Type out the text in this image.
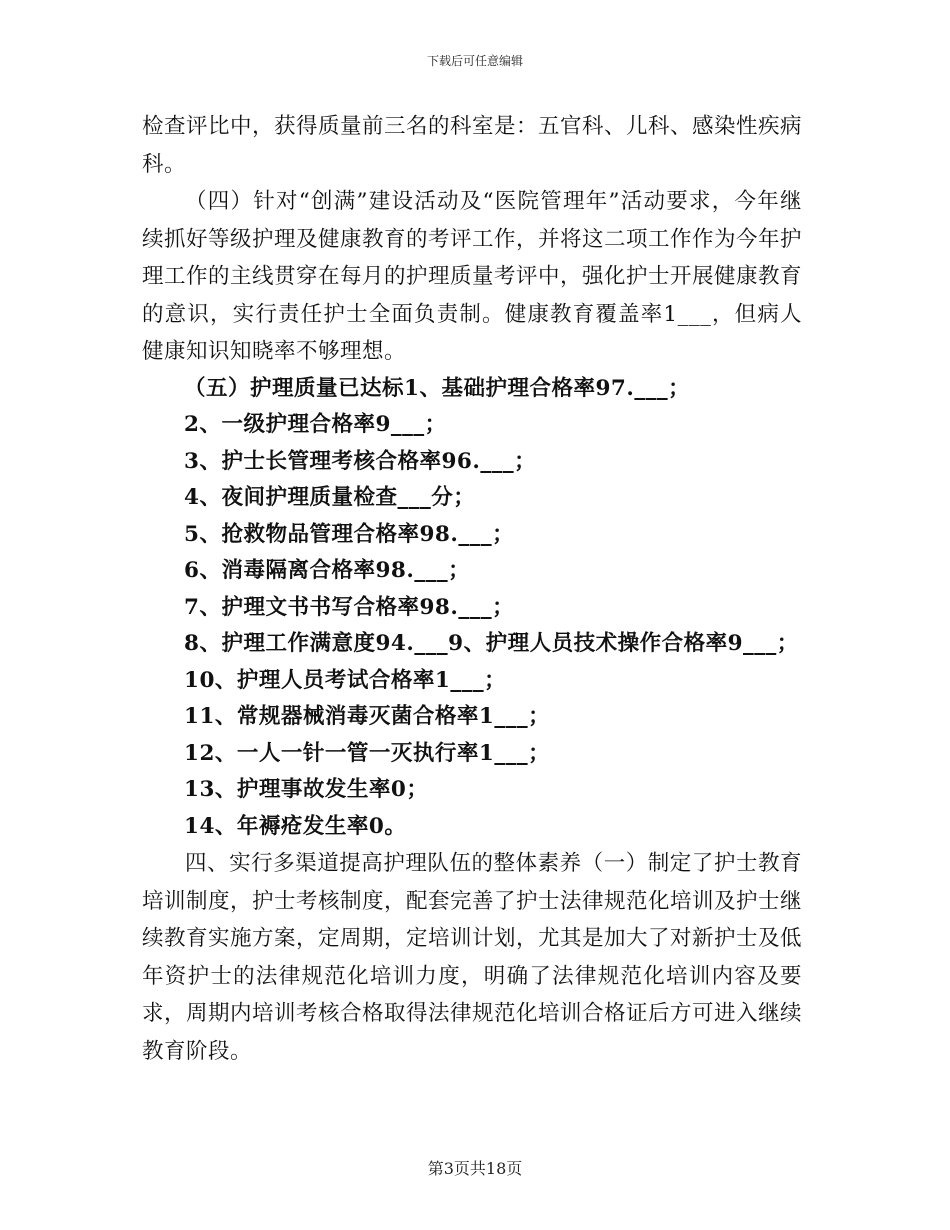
下载后可任意编辑

检查评比中，获得质量前三名的科室是：五官科、儿科、感染性疾病科。

（四）针对“创满”建设活动及“医院管理年”活动要求，今年继续抓好等级护理及健康教育的考评工作，并将这二项工作作为今年护理工作的主线贯穿在每月的护理质量考评中，强化护士开展健康教育的意识，实行责任护士全面负责制。健康教育覆盖率1___，但病人健康知识知晓率不够理想。

（五）护理质量已达标1、基础护理合格率97.___；
2、一级护理合格率9___；
3、护士长管理考核合格率96.___；
4、夜间护理质量检查___分；
5、抢救物品管理合格率98.___；
6、消毒隔离合格率98.___；
7、护理文书书写合格率98.___；
8、护理工作满意度94.___9、护理人员技术操作合格率9___；
10、护理人员考试合格率1___；
11、常规器械消毒灭菌合格率1___；
12、一人一针一管一灭执行率1___；
13、护理事故发生率0；
14、年褥疮发生率0。

四、实行多渠道提高护理队伍的整体素养（一）制定了护士教育培训制度，护士考核制度，配套完善了护士法律规范化培训及护士继续教育实施方案，定周期，定培训计划，尤其是加大了对新护士及低年资护士的法律规范化培训力度，明确了法律规范化培训内容及要求，周期内培训考核合格取得法律规范化培训合格证后方可进入继续教育阶段。

第3页共18页
